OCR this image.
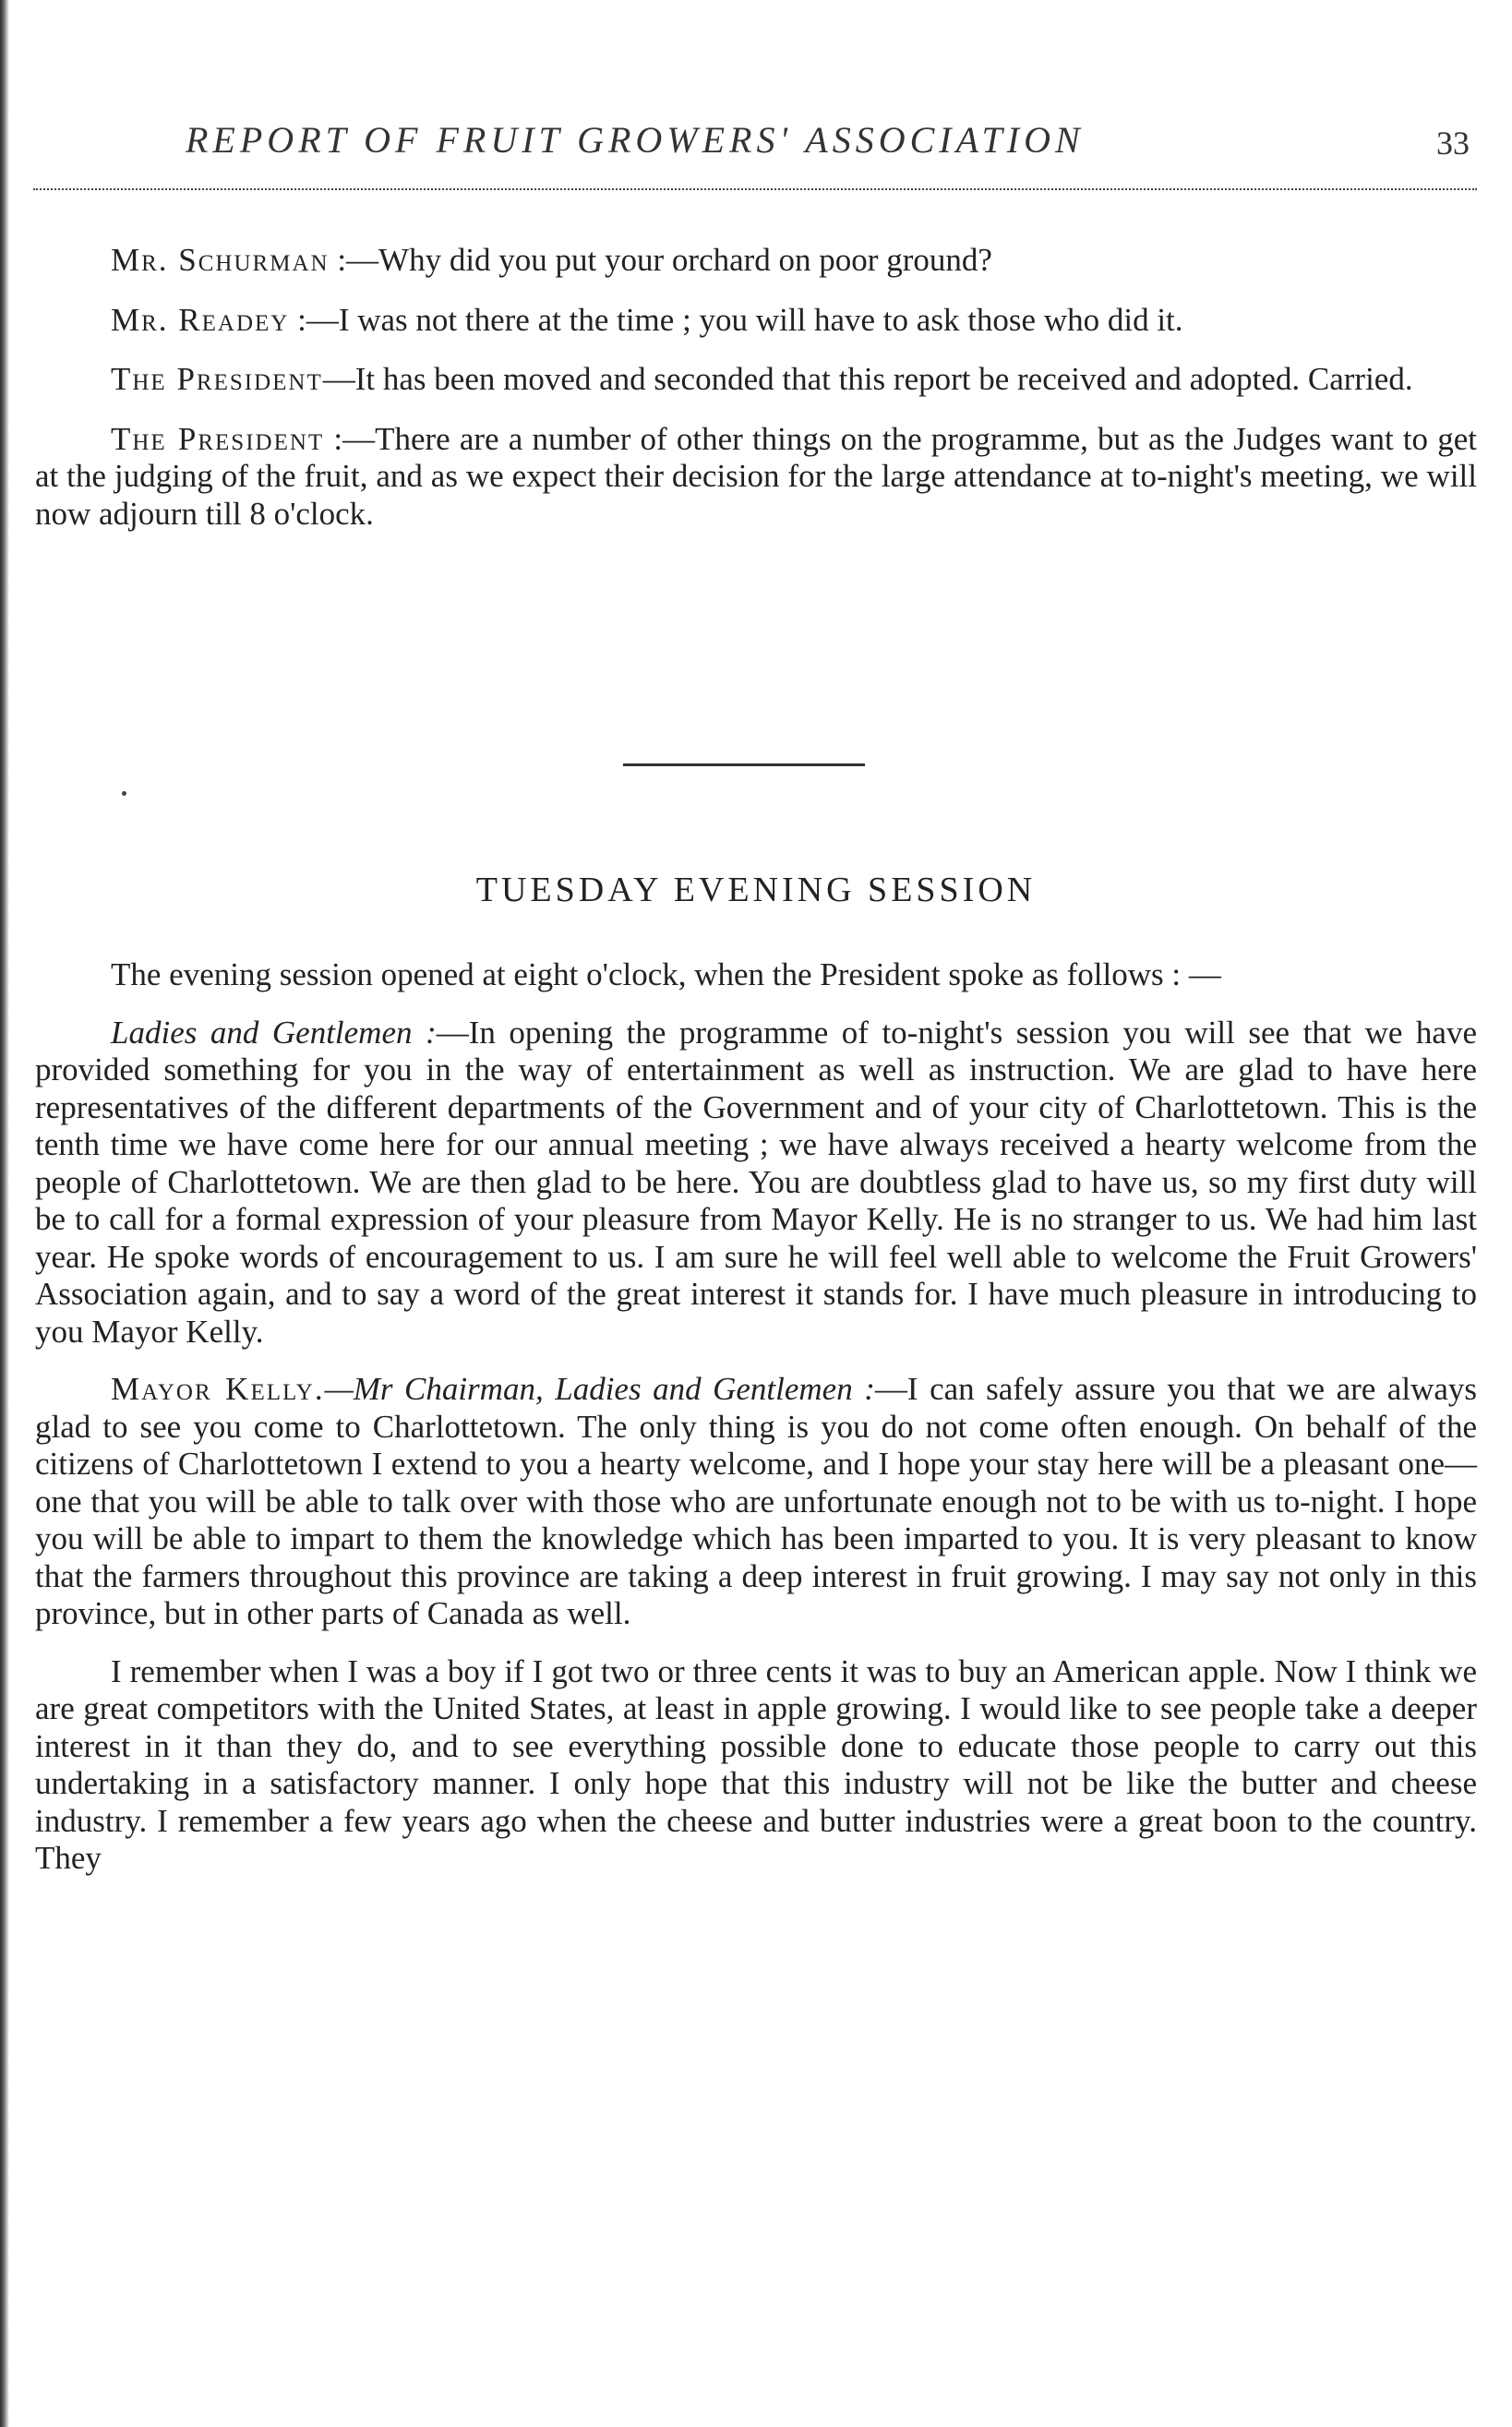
REPORT OF FRUIT GROWERS' ASSOCIATION	33

Mr. Schurman :—Why did you put your orchard on poor ground?

Mr. Readey :—I was not there at the time ; you will have to ask those who did it.

The President—It has been moved and seconded that this report be received and adopted. Carried.

The President :—There are a number of other things on the programme, but as the Judges want to get at the judging of the fruit, and as we expect their decision for the large attendance at to-night's meeting, we will now adjourn till 8 o'clock.

TUESDAY EVENING SESSION

The evening session opened at eight o'clock, when the President spoke as follows : —

Ladies and Gentlemen :—In opening the programme of to-night's session you will see that we have provided something for you in the way of entertainment as well as instruction. We are glad to have here representatives of the different departments of the Government and of your city of Charlottetown. This is the tenth time we have come here for our annual meeting ; we have always received a hearty welcome from the people of Charlottetown. We are then glad to be here. You are doubtless glad to have us, so my first duty will be to call for a formal expression of your pleasure from Mayor Kelly. He is no stranger to us. We had him last year. He spoke words of encouragement to us. I am sure he will feel well able to welcome the Fruit Growers' Association again, and to say a word of the great interest it stands for. I have much pleasure in introducing to you Mayor Kelly.

Mayor Kelly.—Mr Chairman, Ladies and Gentlemen :—I can safely assure you that we are always glad to see you come to Charlottetown. The only thing is you do not come often enough. On behalf of the citizens of Charlottetown I extend to you a hearty welcome, and I hope your stay here will be a pleasant one—one that you will be able to talk over with those who are unfortunate enough not to be with us to-night. I hope you will be able to impart to them the knowledge which has been imparted to you. It is very pleasant to know that the farmers throughout this province are taking a deep interest in fruit growing. I may say not only in this province, but in other parts of Canada as well.

I remember when I was a boy if I got two or three cents it was to buy an American apple. Now I think we are great competitors with the United States, at least in apple growing. I would like to see people take a deeper interest in it than they do, and to see everything possible done to educate those people to carry out this undertaking in a satisfactory manner. I only hope that this industry will not be like the butter and cheese industry. I remember a few years ago when the cheese and butter industries were a great boon to the country. They
